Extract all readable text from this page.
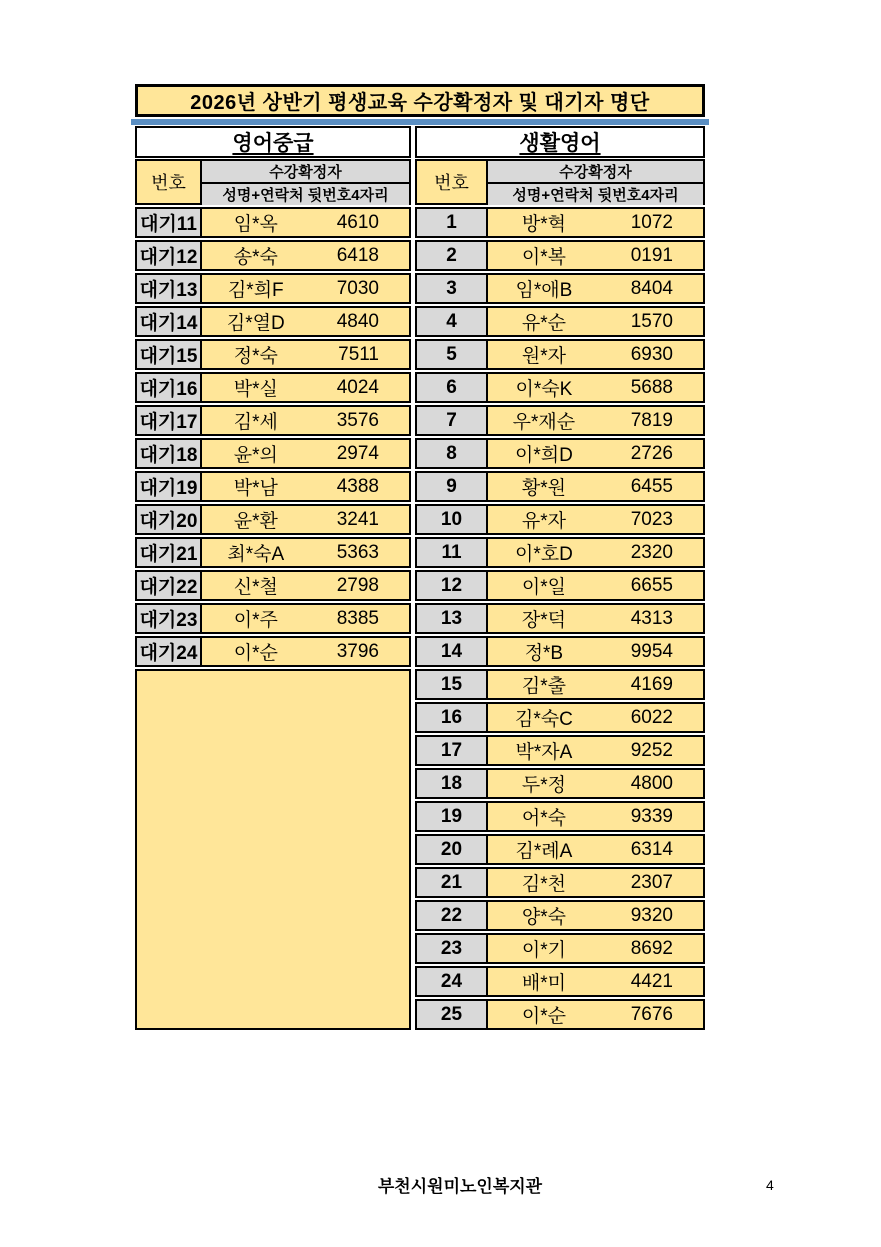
2026년 상반기 평생교육 수강확정자 및 대기자 명단
영어중급
번호
수강확정자
성명+연락처 뒷번호4자리
대기11	임*옥	4610
대기12	송*숙	6418
대기13	김*희F	7030
대기14	김*열D	4840
대기15	정*숙	7511
대기16	박*실	4024
대기17	김*세	3576
대기18	윤*의	2974
대기19	박*남	4388
대기20	윤*환	3241
대기21	최*숙A	5363
대기22	신*철	2798
대기23	이*주	8385
대기24	이*순	3796
생활영어
번호
수강확정자
성명+연락처 뒷번호4자리
1	방*혁	1072
2	이*복	0191
3	임*애B	8404
4	유*순	1570
5	원*자	6930
6	이*숙K	5688
7	우*재순	7819
8	이*희D	2726
9	황*원	6455
10	유*자	7023
11	이*호D	2320
12	이*일	6655
13	장*덕	4313
14	정*B	9954
15	김*출	4169
16	김*숙C	6022
17	박*자A	9252
18	두*정	4800
19	어*숙	9339
20	김*례A	6314
21	김*천	2307
22	양*숙	9320
23	이*기	8692
24	배*미	4421
25	이*순	7676
부천시원미노인복지관	4
